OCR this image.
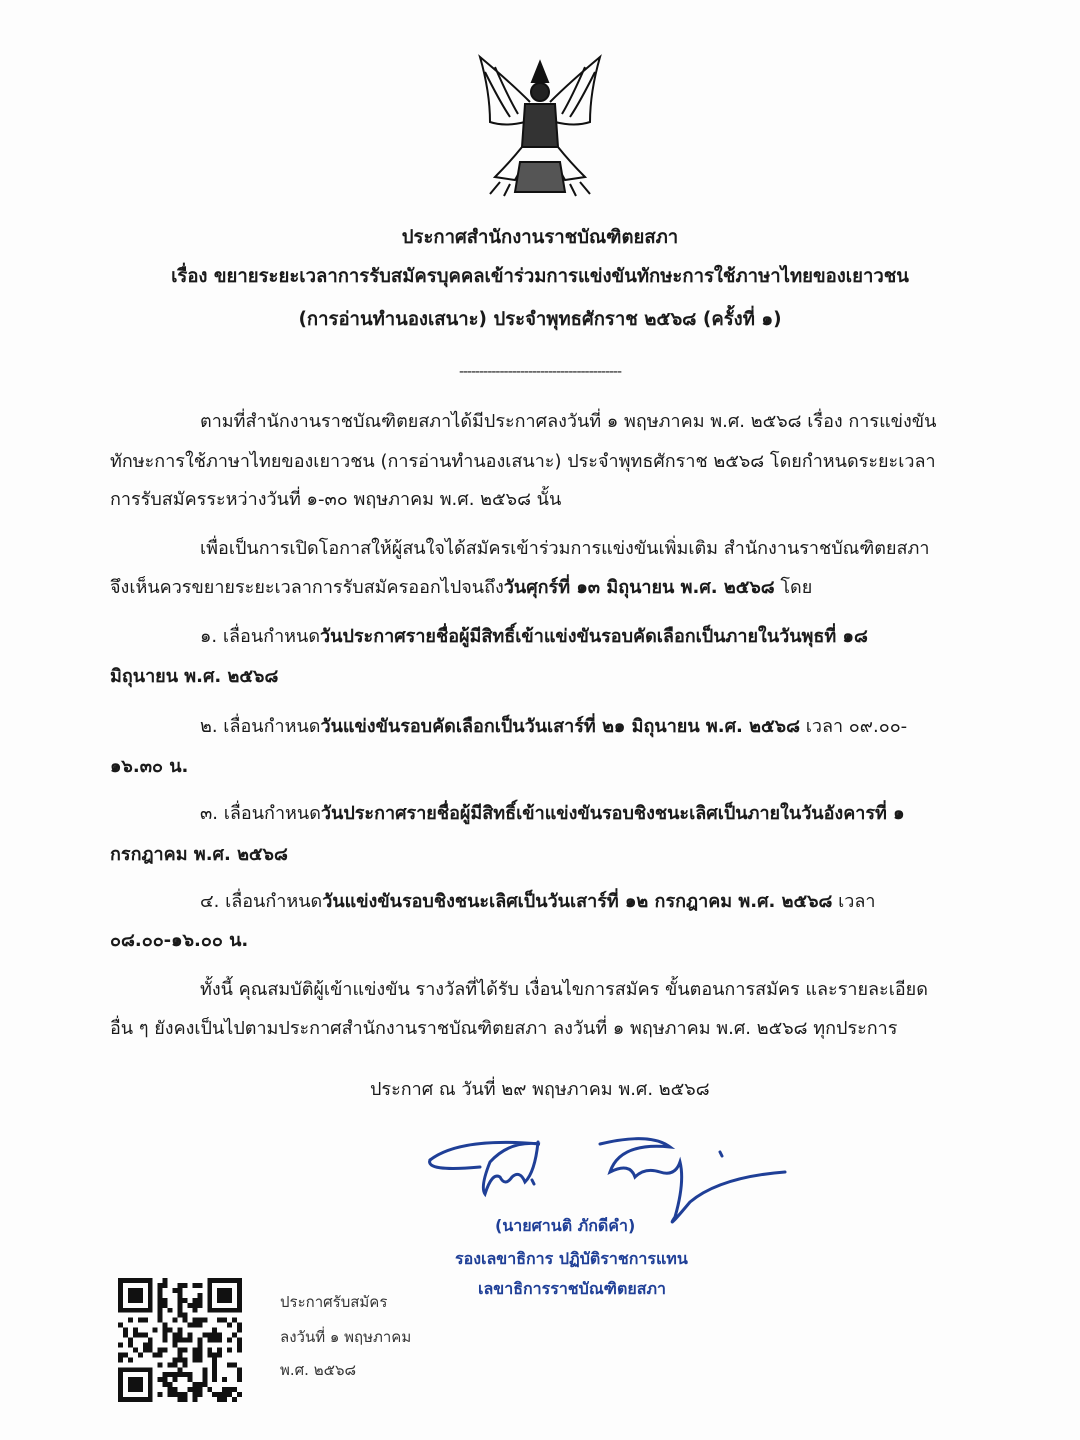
ประกาศสำนักงานราชบัณฑิตยสภา
เรื่อง ขยายระยะเวลาการรับสมัครบุคคลเข้าร่วมการแข่งขันทักษะการใช้ภาษาไทยของเยาวชน
(การอ่านทำนองเสนาะ) ประจำพุทธศักราช ๒๕๖๘ (ครั้งที่ ๑)
----------------------------------------
ตามที่สำนักงานราชบัณฑิตยสภาได้มีประกาศลงวันที่ ๑ พฤษภาคม พ.ศ. ๒๕๖๘ เรื่อง การแข่งขัน
ทักษะการใช้ภาษาไทยของเยาวชน (การอ่านทำนองเสนาะ) ประจำพุทธศักราช ๒๕๖๘ โดยกำหนดระยะเวลา
การรับสมัครระหว่างวันที่ ๑-๓๐ พฤษภาคม พ.ศ. ๒๕๖๘ นั้น
เพื่อเป็นการเปิดโอกาสให้ผู้สนใจได้สมัครเข้าร่วมการแข่งขันเพิ่มเติม สำนักงานราชบัณฑิตยสภา
จึงเห็นควรขยายระยะเวลาการรับสมัครออกไปจนถึงวันศุกร์ที่ ๑๓ มิถุนายน พ.ศ. ๒๕๖๘ โดย
๑. เลื่อนกำหนดวันประกาศรายชื่อผู้มีสิทธิ์เข้าแข่งขันรอบคัดเลือกเป็นภายในวันพุธที่ ๑๘
มิถุนายน พ.ศ. ๒๕๖๘
๒. เลื่อนกำหนดวันแข่งขันรอบคัดเลือกเป็นวันเสาร์ที่ ๒๑ มิถุนายน พ.ศ. ๒๕๖๘ เวลา ๐๙.๐๐-
๑๖.๓๐ น.
๓. เลื่อนกำหนดวันประกาศรายชื่อผู้มีสิทธิ์เข้าแข่งขันรอบชิงชนะเลิศเป็นภายในวันอังคารที่ ๑
กรกฎาคม พ.ศ. ๒๕๖๘
๔. เลื่อนกำหนดวันแข่งขันรอบชิงชนะเลิศเป็นวันเสาร์ที่ ๑๒ กรกฎาคม พ.ศ. ๒๕๖๘ เวลา
๐๘.๐๐-๑๖.๐๐ น.
ทั้งนี้ คุณสมบัติผู้เข้าแข่งขัน รางวัลที่ได้รับ เงื่อนไขการสมัคร ขั้นตอนการสมัคร และรายละเอียด
อื่น ๆ ยังคงเป็นไปตามประกาศสำนักงานราชบัณฑิตยสภา ลงวันที่ ๑ พฤษภาคม พ.ศ. ๒๕๖๘ ทุกประการ
ประกาศ ณ วันที่ ๒๙ พฤษภาคม พ.ศ. ๒๕๖๘
(นายศานติ ภักดีคำ)
รองเลขาธิการ ปฏิบัติราชการแทน
เลขาธิการราชบัณฑิตยสภา
ประกาศรับสมัคร
ลงวันที่ ๑ พฤษภาคม
พ.ศ. ๒๕๖๘
